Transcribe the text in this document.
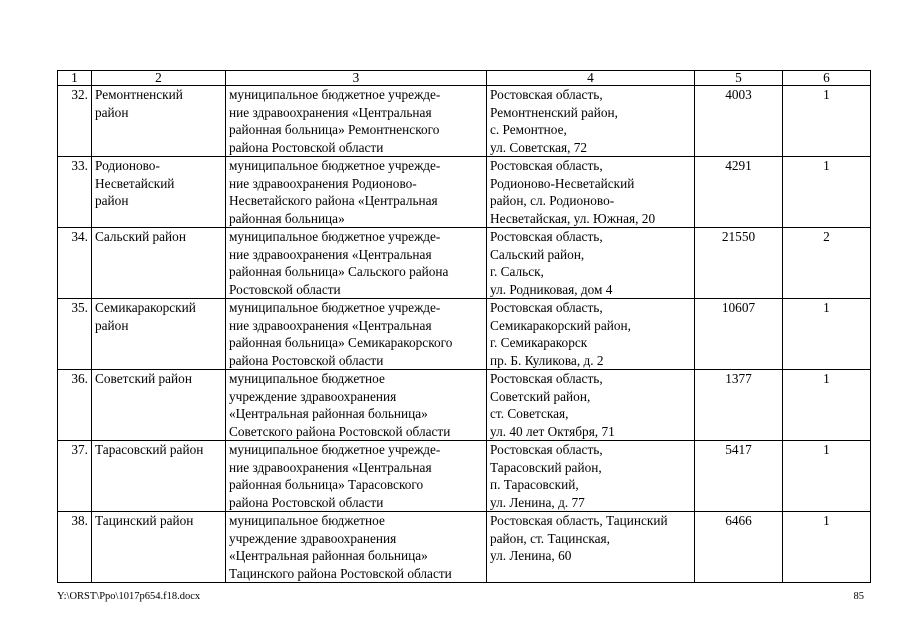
1	2	3	4	5	6
32.	Ремонтненский
район	муниципальное бюджетное учрежде-
ние здравоохранения «Центральная
районная больница» Ремонтненского
района Ростовской области	Ростовская область,
Ремонтненский район,
с. Ремонтное,
ул. Советская, 72	4003	1
33.	Родионово-
Несветайский
район	муниципальное бюджетное учрежде-
ние здравоохранения Родионово-
Несветайского района «Центральная
районная больница»	Ростовская область,
Родионово-Несветайский
район, сл. Родионово-
Несветайская, ул. Южная, 20	4291	1
34.	Сальский район	муниципальное бюджетное учрежде-
ние здравоохранения «Центральная
районная больница» Сальского района
Ростовской области	Ростовская область,
Сальский район,
г. Сальск,
ул. Родниковая, дом 4	21550	2
35.	Семикаракорский
район	муниципальное бюджетное учрежде-
ние здравоохранения «Центральная
районная больница» Семикаракорского
района Ростовской области	Ростовская область,
Семикаракорский район,
г. Семикаракорск
пр. Б. Куликова, д. 2	10607	1
36.	Советский район	муниципальное бюджетное
учреждение здравоохранения
«Центральная районная больница»
Советского района Ростовской области	Ростовская область,
Советский район,
ст. Советская,
ул. 40 лет Октября, 71	1377	1
37.	Тарасовский район	муниципальное бюджетное учрежде-
ние здравоохранения «Центральная
районная больница» Тарасовского
района Ростовской области	Ростовская область,
Тарасовский район,
п. Тарасовский,
ул. Ленина, д. 77	5417	1
38.	Тацинский район	муниципальное бюджетное
учреждение здравоохранения
«Центральная районная больница»
Тацинского района Ростовской области	Ростовская область, Тацинский
район, ст. Тацинская,
ул. Ленина, 60	6466	1
Y:\ORST\Ppo\1017p654.f18.docx	85
